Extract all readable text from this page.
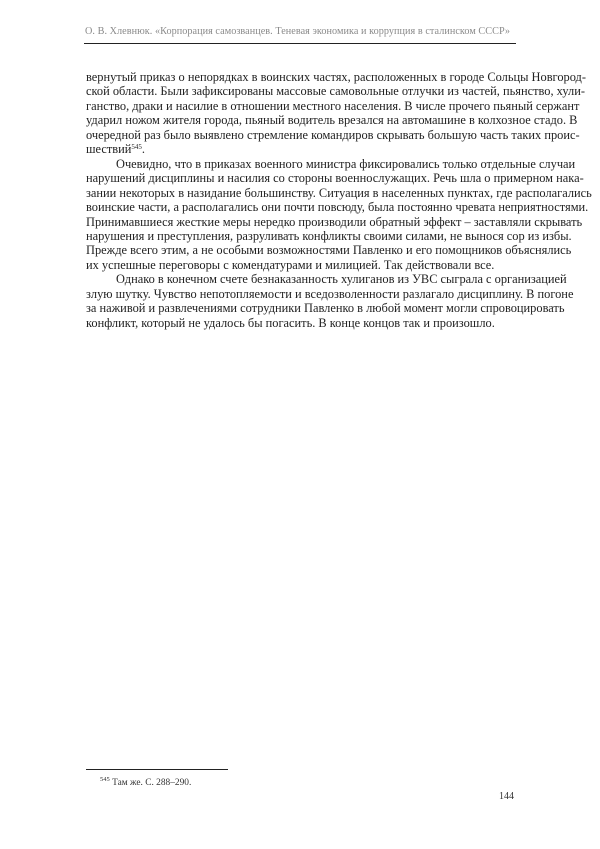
О. В. Хлевнюк. «Корпорация самозванцев. Теневая экономика и коррупция в сталинском СССР»
вернутый приказ о непорядках в воинских частях, расположенных в городе Сольцы Новгород-
ской области. Были зафиксированы массовые самовольные отлучки из частей, пьянство, хули-
ганство, драки и насилие в отношении местного населения. В числе прочего пьяный сержант
ударил ножом жителя города, пьяный водитель врезался на автомашине в колхозное стадо. В
очередной раз было выявлено стремление командиров скрывать большую часть таких проис-
шествий$^{545}$.
Очевидно, что в приказах военного министра фиксировались только отдельные случаи
нарушений дисциплины и насилия со стороны военнослужащих. Речь шла о примерном нака-
зании некоторых в назидание большинству. Ситуация в населенных пунктах, где располагались
воинские части, а располагались они почти повсюду, была постоянно чревата неприятностями.
Принимавшиеся жесткие меры нередко производили обратный эффект – заставляли скрывать
нарушения и преступления, разруливать конфликты своими силами, не вынося сор из избы.
Прежде всего этим, а не особыми возможностями Павленко и его помощников объяснялись
их успешные переговоры с комендатурами и милицией. Так действовали все.
Однако в конечном счете безнаказанность хулиганов из УВС сыграла с организацией
злую шутку. Чувство непотопляемости и вседозволенности разлагало дисциплину. В погоне
за наживой и развлечениями сотрудники Павленко в любой момент могли спровоцировать
конфликт, который не удалось бы погасить. В конце концов так и произошло.
$^{545}$ Там же. С. 288–290.
144
